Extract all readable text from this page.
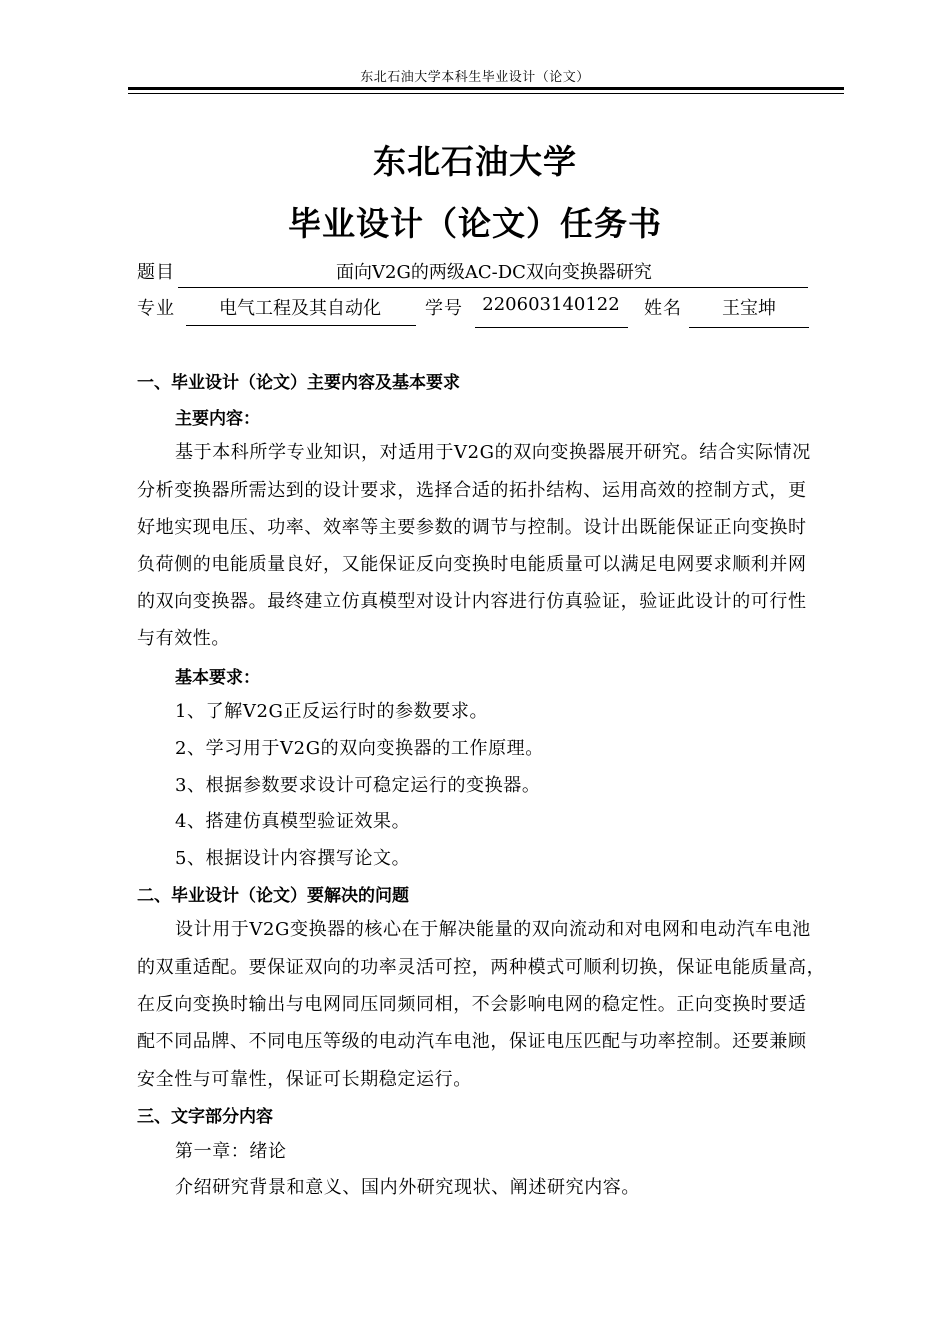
东北石油大学本科生毕业设计（论文）
东北石油大学
毕业设计（论文）任务书
题目	面向V2G的两级AC-DC双向变换器研究
专业	电气工程及其自动化	学号	220603140122	姓名	王宝坤
一、毕业设计（论文）主要内容及基本要求
主要内容：
基于本科所学专业知识，对适用于V2G的双向变换器展开研究。结合实际情况
分析变换器所需达到的设计要求，选择合适的拓扑结构、运用高效的控制方式，更
好地实现电压、功率、效率等主要参数的调节与控制。设计出既能保证正向变换时
负荷侧的电能质量良好，又能保证反向变换时电能质量可以满足电网要求顺利并网
的双向变换器。最终建立仿真模型对设计内容进行仿真验证，验证此设计的可行性
与有效性。
基本要求：
1、了解V2G正反运行时的参数要求。
2、学习用于V2G的双向变换器的工作原理。
3、根据参数要求设计可稳定运行的变换器。
4、搭建仿真模型验证效果。
5、根据设计内容撰写论文。
二、毕业设计（论文）要解决的问题
设计用于V2G变换器的核心在于解决能量的双向流动和对电网和电动汽车电池
的双重适配。要保证双向的功率灵活可控，两种模式可顺利切换，保证电能质量高，
在反向变换时输出与电网同压同频同相，不会影响电网的稳定性。正向变换时要适
配不同品牌、不同电压等级的电动汽车电池，保证电压匹配与功率控制。还要兼顾
安全性与可靠性，保证可长期稳定运行。
三、文字部分内容
第一章：绪论
介绍研究背景和意义、国内外研究现状、阐述研究内容。
